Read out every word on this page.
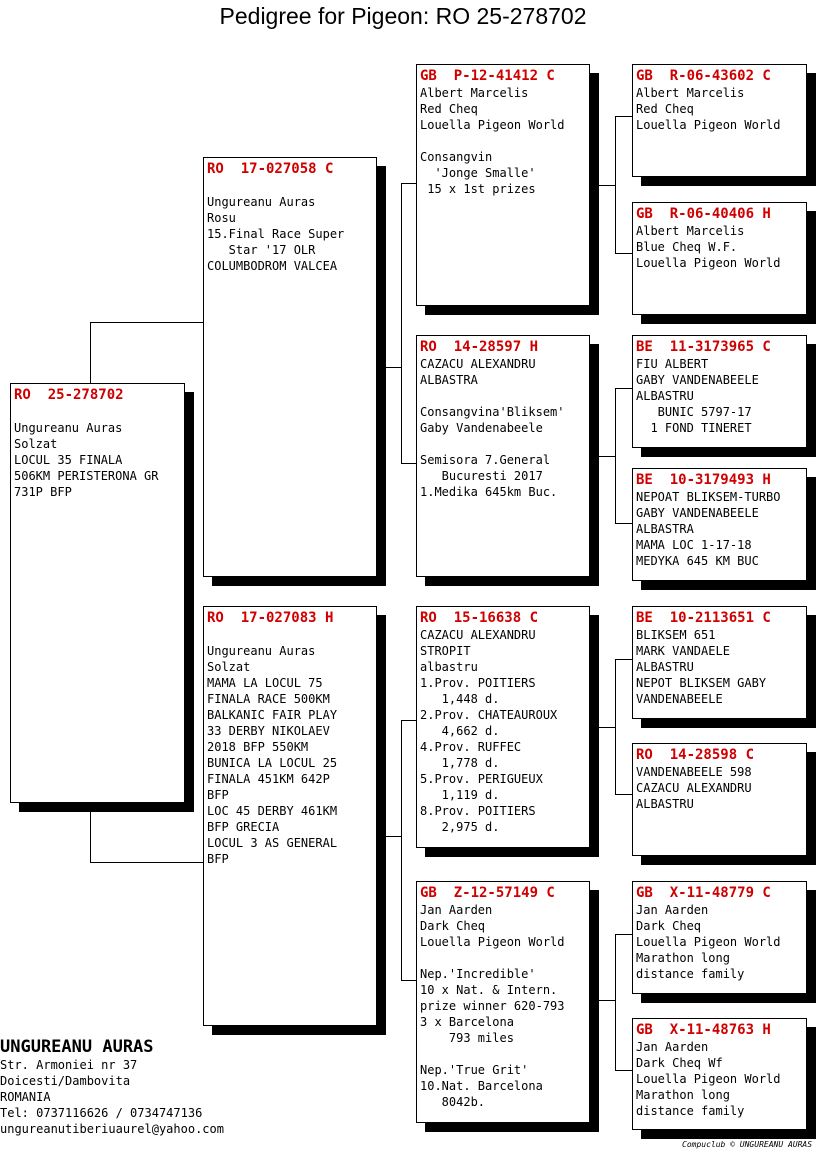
Pedigree for Pigeon: RO 25-278702
RO  25-278702
Ungureanu Auras
Solzat
LOCUL 35 FINALA
506KM PERISTERONA GR
731P BFP
RO  17-027058 C
Ungureanu Auras
Rosu
15.Final Race Super
Star '17 OLR
COLUMBODROM VALCEA
RO  17-027083 H
Ungureanu Auras
Solzat
MAMA LA LOCUL 75
FINALA RACE 500KM
BALKANIC FAIR PLAY
33 DERBY NIKOLAEV
2018 BFP 550KM
BUNICA LA LOCUL 25
FINALA 451KM 642P
BFP
LOC 45 DERBY 461KM
BFP GRECIA
LOCUL 3 AS GENERAL
BFP
GB  P-12-41412 C
Albert Marcelis
Red Cheq
Louella Pigeon World
Consangvin
'Jonge Smalle'
15 x 1st prizes
RO  14-28597 H
CAZACU ALEXANDRU
ALBASTRA
Consangvina'Bliksem'
Gaby Vandenabeele
Semisora 7.General
Bucuresti 2017
1.Medika 645km Buc.
RO  15-16638 C
CAZACU ALEXANDRU
STROPIT
albastru
1.Prov. POITIERS
1,448 d.
2.Prov. CHATEAUROUX
4,662 d.
4.Prov. RUFFEC
1,778 d.
5.Prov. PERIGUEUX
1,119 d.
8.Prov. POITIERS
2,975 d.
GB  Z-12-57149 C
Jan Aarden
Dark Cheq
Louella Pigeon World
Nep.'Incredible'
10 x Nat. & Intern.
prize winner 620-793
3 x Barcelona
793 miles
Nep.'True Grit'
10.Nat. Barcelona
8042b.
GB  R-06-43602 C
Albert Marcelis
Red Cheq
Louella Pigeon World
GB  R-06-40406 H
Albert Marcelis
Blue Cheq W.F.
Louella Pigeon World
BE  11-3173965 C
FIU ALBERT
GABY VANDENABEELE
ALBASTRU
BUNIC 5797-17
1 FOND TINERET
BE  10-3179493 H
NEPOAT BLIKSEM-TURBO
GABY VANDENABEELE
ALBASTRA
MAMA LOC 1-17-18
MEDYKA 645 KM BUC
BE  10-2113651 C
BLIKSEM 651
MARK VANDAELE
ALBASTRU
NEPOT BLIKSEM GABY
VANDENABEELE
RO  14-28598 C
VANDENABEELE 598
CAZACU ALEXANDRU
ALBASTRU
GB  X-11-48779 C
Jan Aarden
Dark Cheq
Louella Pigeon World
Marathon long
distance family
GB  X-11-48763 H
Jan Aarden
Dark Cheq Wf
Louella Pigeon World
Marathon long
distance family
UNGUREANU AURAS
Str. Armoniei nr 37
Doicesti/Dambovita
ROMANIA
Tel: 0737116626 / 0734747136
ungureanutiberiuaurel@yahoo.com
Compuclub © UNGUREANU AURAS
